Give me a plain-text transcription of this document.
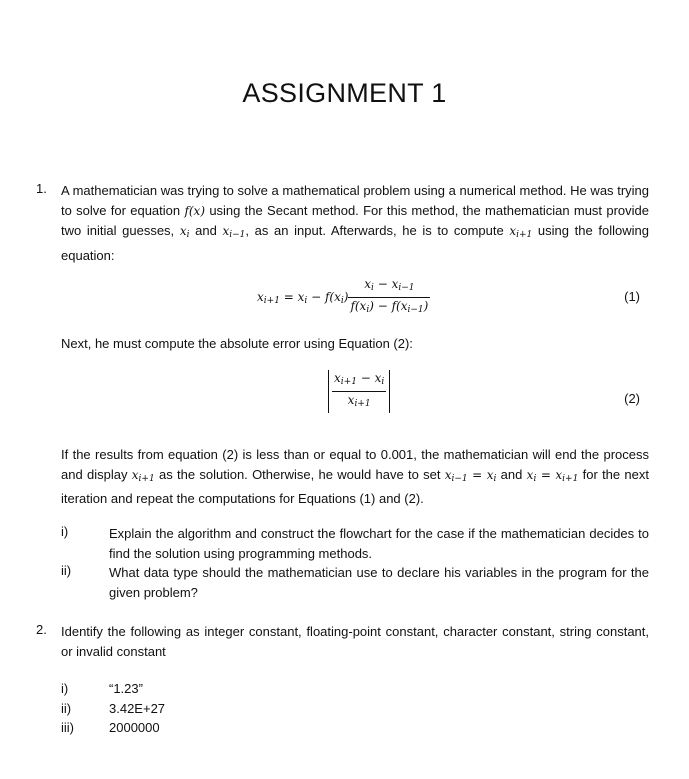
ASSIGNMENT 1
1. A mathematician was trying to solve a mathematical problem using a numerical method. He was trying to solve for equation f(x) using the Secant method. For this method, the mathematician must provide two initial guesses, $x_i$ and $x_{i-1}$, as an input. Afterwards, he is to compute $x_{i+1}$ using the following equation:
$x_{i+1} = x_i - f(x_i) \frac{x_i - x_{i-1}}{f(x_i) - f(x_{i-1})}$	(1)
Next, he must compute the absolute error using Equation (2):
$\frac{x_{i+1} - x_i}{x_{i+1}}$	(2)
If the results from equation (2) is less than or equal to 0.001, the mathematician will end the process and display $x_{i+1}$ as the solution. Otherwise, he would have to set $x_{i-1} = x_i$ and $x_i = x_{i+1}$ for the next iteration and repeat the computations for Equations (1) and (2).
i)	Explain the algorithm and construct the flowchart for the case if the mathematician decides to find the solution using programming methods.
ii)	What data type should the mathematician use to declare his variables in the program for the given problem?
2. Identify the following as integer constant, floating-point constant, character constant, string constant, or invalid constant
i)	“1.23”
ii)	3.42E+27
iii)	2000000
